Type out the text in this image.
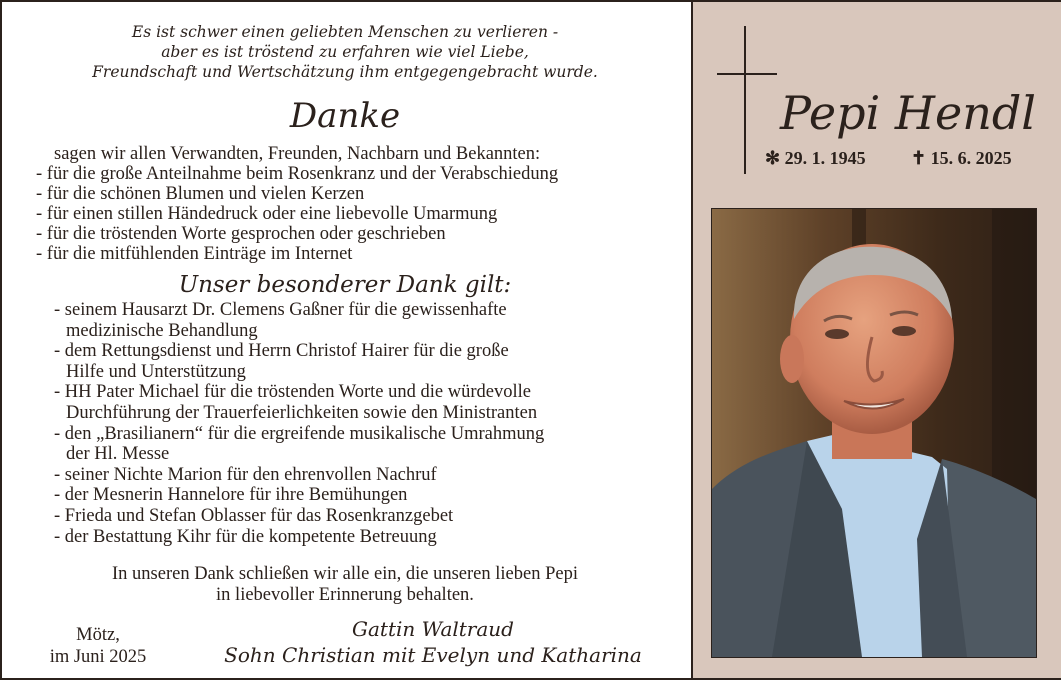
Es ist schwer einen geliebten Menschen zu verlieren -
aber es ist tröstend zu erfahren wie viel Liebe,
Freundschaft und Wertschätzung ihm entgegengebracht wurde.
Danke
sagen wir allen Verwandten, Freunden, Nachbarn und Bekannten:
- für die große Anteilnahme beim Rosenkranz und der Verabschiedung
- für die schönen Blumen und vielen Kerzen
- für einen stillen Händedruck oder eine liebevolle Umarmung
- für die tröstenden Worte gesprochen oder geschrieben
- für die mitfühlenden Einträge im Internet
Unser besonderer Dank gilt:
- seinem Hausarzt Dr. Clemens Gaßner für die gewissenhafte
medizinische Behandlung
- dem Rettungsdienst und Herrn Christof Hairer für die große
Hilfe und Unterstützung
- HH Pater Michael für die tröstenden Worte und die würdevolle
Durchführung der Trauerfeierlichkeiten sowie den Ministranten
- den „Brasilianern“ für die ergreifende musikalische Umrahmung
der Hl. Messe
- seiner Nichte Marion für den ehrenvollen Nachruf
- der Mesnerin Hannelore für ihre Bemühungen
- Frieda und Stefan Oblasser für das Rosenkranzgebet
- der Bestattung Kihr für die kompetente Betreuung
In unseren Dank schließen wir alle ein, die unseren lieben Pepi
in liebevoller Erinnerung behalten.
Mötz,
im Juni 2025
Gattin Waltraud
Sohn Christian mit Evelyn und Katharina
Pepi Hendl
✻ 29. 1. 1945	✝ 15. 6. 2025
